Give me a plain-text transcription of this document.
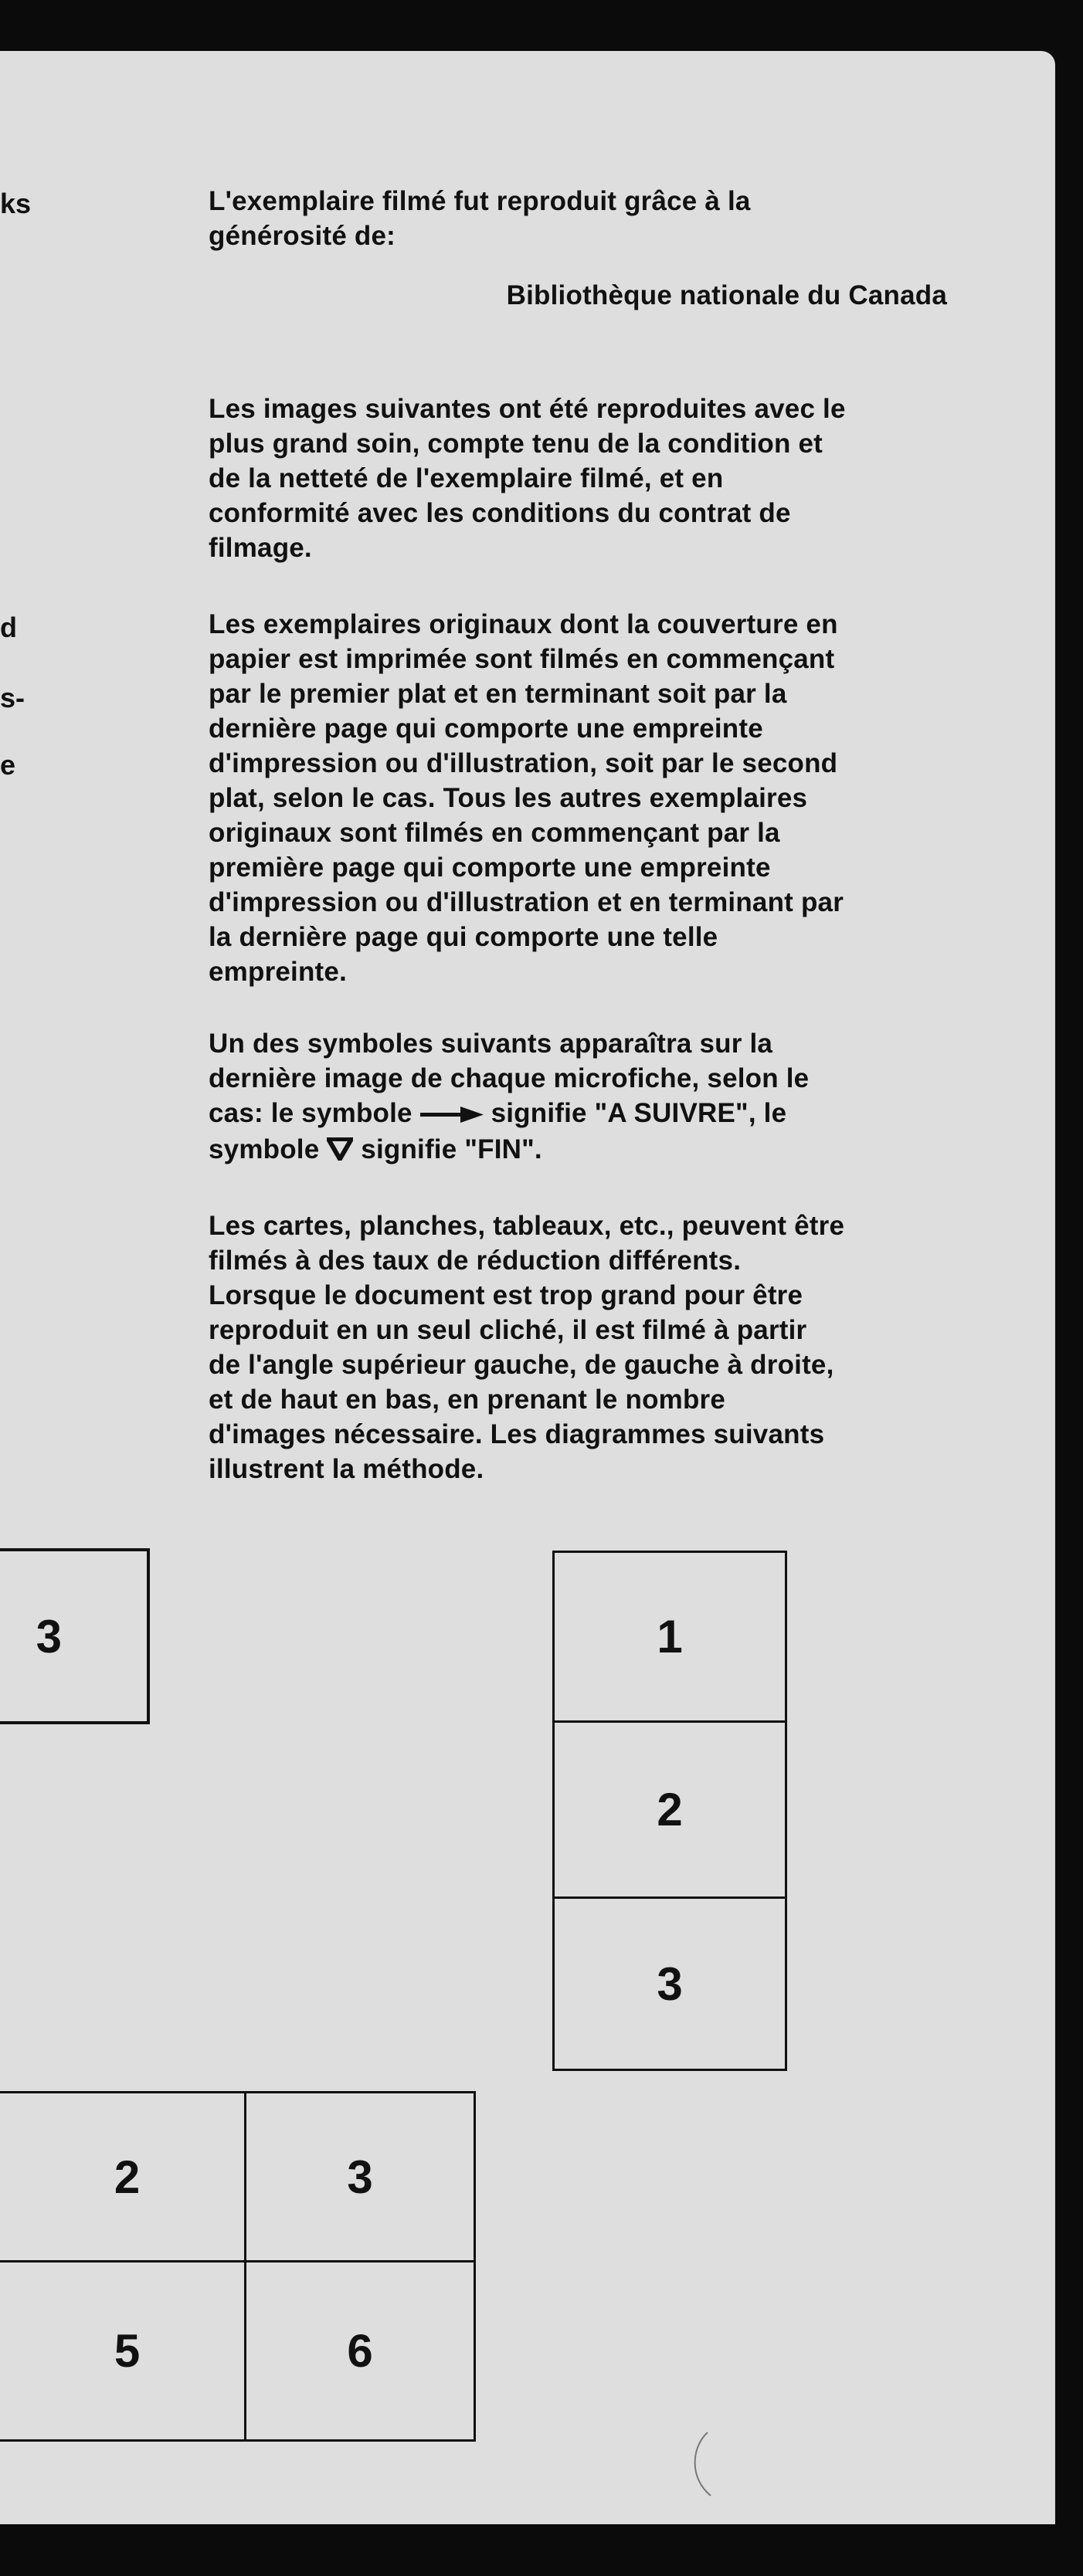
ks
d
s-
e
L'exemplaire filmé fut reproduit grâce à la
générosité de:
Bibliothèque nationale du Canada
Les images suivantes ont été reproduites avec le
plus grand soin, compte tenu de la condition et
de la netteté de l'exemplaire filmé, et en
conformité avec les conditions du contrat de
filmage.
Les exemplaires originaux dont la couverture en
papier est imprimée sont filmés en commençant
par le premier plat et en terminant soit par la
dernière page qui comporte une empreinte
d'impression ou d'illustration, soit par le second
plat, selon le cas. Tous les autres exemplaires
originaux sont filmés en commençant par la
première page qui comporte une empreinte
d'impression ou d'illustration et en terminant par
la dernière page qui comporte une telle
empreinte.
Un des symboles suivants apparaîtra sur la
dernière image de chaque microfiche, selon le
cas: le symbole	signifie "A SUIVRE", le
symbole signifie "FIN".
Les cartes, planches, tableaux, etc., peuvent être
filmés à des taux de réduction différents.
Lorsque le document est trop grand pour être
reproduit en un seul cliché, il est filmé à partir
de l'angle supérieur gauche, de gauche à droite,
et de haut en bas, en prenant le nombre
d'images nécessaire. Les diagrammes suivants
illustrent la méthode.
3	1
2
3
2	3
5	6
